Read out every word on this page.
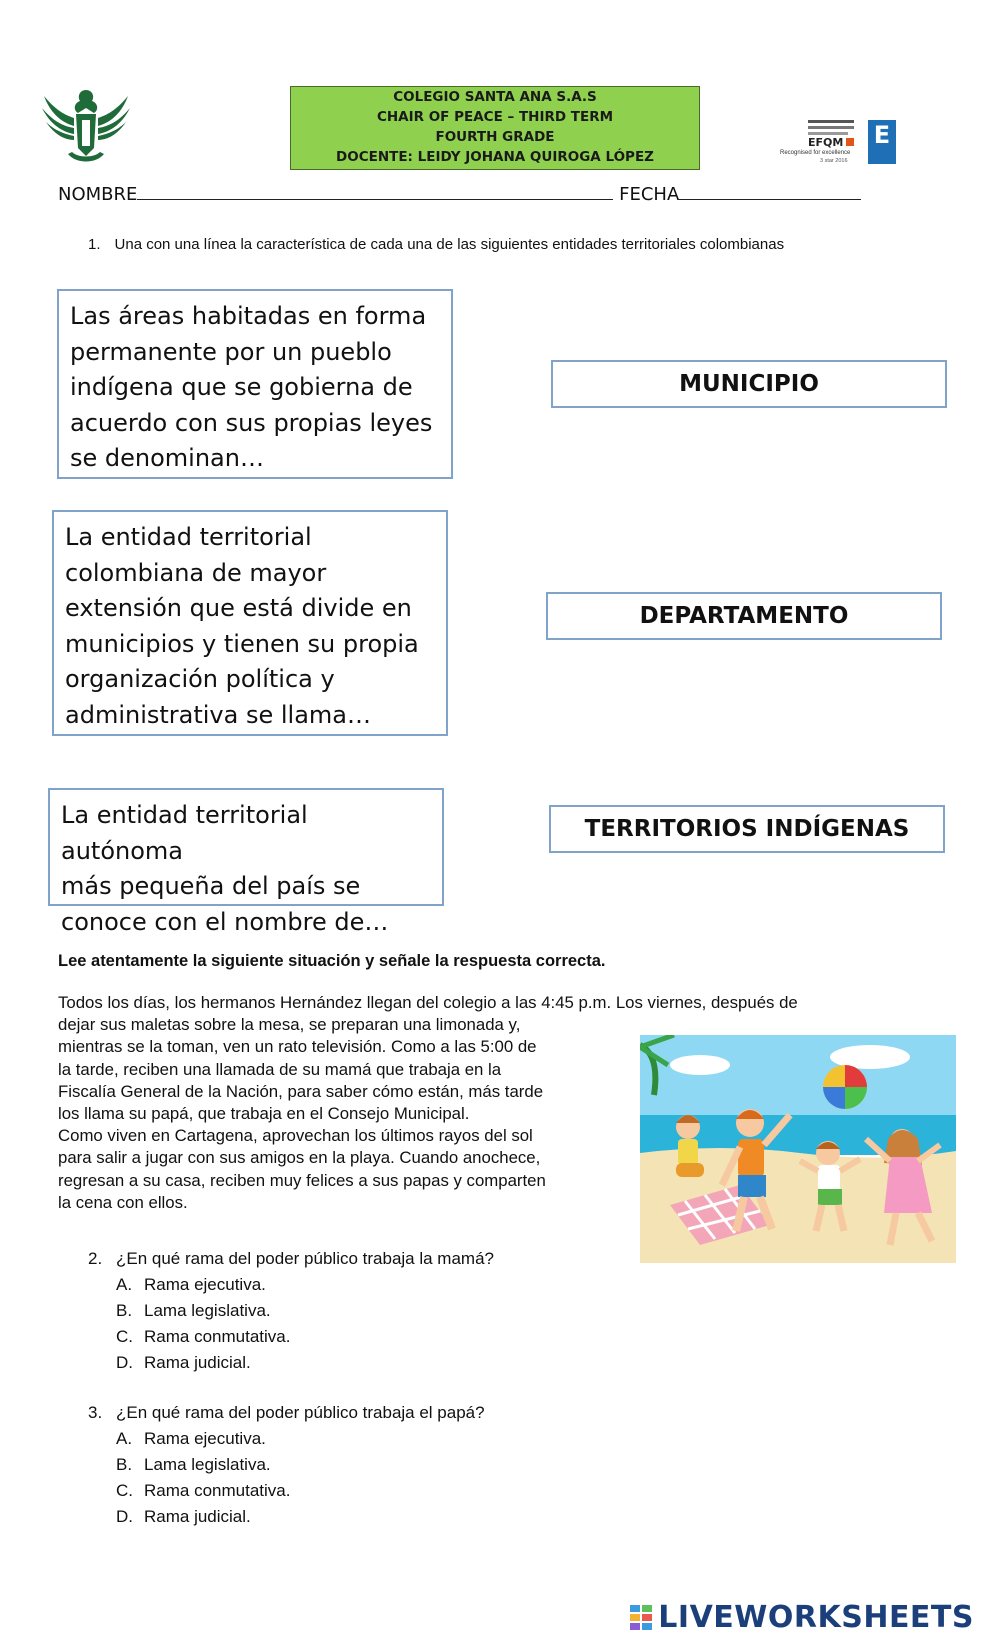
COLEGIO SANTA ANA S.A.S
CHAIR OF PEACE – THIRD TERM
FOURTH GRADE
DOCENTE: LEIDY JOHANA QUIROGA LÓPEZ
EFQM
Recognised for excellence
3 star 2016
E
NOMBRE	FECHA
1. Una con una línea la característica de cada una de las siguientes entidades territoriales colombianas
Las áreas habitadas en forma
permanente por un pueblo
indígena que se gobierna de
acuerdo con sus propias leyes
se denominan…
La entidad territorial
colombiana de mayor
extensión que está divide en
municipios y tienen su propia
organización política y
administrativa se llama…
La entidad territorial autónoma
más pequeña del país se
conoce con el nombre de…
MUNICIPIO
DEPARTAMENTO
TERRITORIOS INDÍGENAS
Lee atentamente la siguiente situación y señale la respuesta correcta.
Todos los días, los hermanos Hernández llegan del colegio a las 4:45 p.m. Los viernes, después de
dejar sus maletas sobre la mesa, se preparan una limonada y,
mientras se la toman, ven un rato televisión. Como a las 5:00 de
la tarde, reciben una llamada de su mamá que trabaja en la
Fiscalía General de la Nación, para saber cómo están, más tarde
los llama su papá, que trabaja en el Consejo Municipal.
Como viven en Cartagena, aprovechan los últimos rayos del sol
para salir a jugar con sus amigos en la playa. Cuando anochece,
regresan a su casa, reciben muy felices a sus papas y comparten
la cena con ellos.
2. ¿En qué rama del poder público trabaja la mamá?
A. Rama ejecutiva.
B. Lama legislativa.
C. Rama conmutativa.
D. Rama judicial.
3. ¿En qué rama del poder público trabaja el papá?
A. Rama ejecutiva.
B. Lama legislativa.
C. Rama conmutativa.
D. Rama judicial.
LIVEWORKSHEETS
